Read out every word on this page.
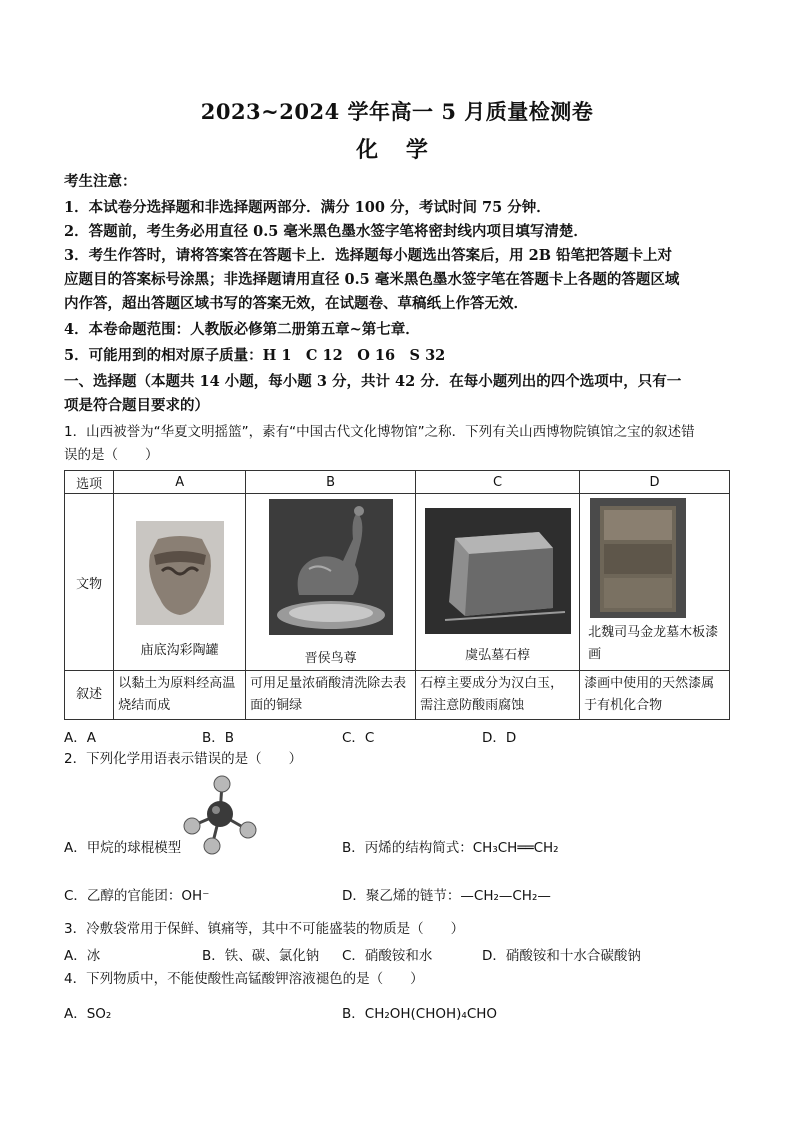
2023~2024 学年高一 5 月质量检测卷
化 学
考生注意：
1．本试卷分选择题和非选择题两部分．满分 100 分，考试时间 75 分钟．
2．答题前，考生务必用直径 0.5 毫米黑色墨水签字笔将密封线内项目填写清楚．
3．考生作答时，请将答案答在答题卡上．选择题每小题选出答案后，用 2B 铅笔把答题卡上对
应题目的答案标号涂黑；非选择题请用直径 0.5 毫米黑色墨水签字笔在答题卡上各题的答题区域
内作答，超出答题区域书写的答案无效，在试题卷、草稿纸上作答无效．
4．本卷命题范围：人教版必修第二册第五章~第七章．
5．可能用到的相对原子质量：H 1　C 12　O 16　S 32
一、选择题（本题共 14 小题，每小题 3 分，共计 42 分．在每小题列出的四个选项中，只有一
项是符合题目要求的）
1．山西被誉为“华夏文明摇篮”，素有“中国古代文化博物馆”之称．下列有关山西博物院镇馆之宝的叙述错
误的是（　　）
选项	A	B	C	D
文物	庙底沟彩陶罐	晋侯鸟尊	虞弘墓石椁	北魏司马金龙墓木板漆画

叙述	以黏土为原料经高温烧结而成	可用足量浓硝酸清洗除去表面的铜绿	石椁主要成分为汉白玉，需注意防酸雨腐蚀	漆画中使用的天然漆属于有机化合物
A．A	B．B	C．C	D．D
2．下列化学用语表示错误的是（　　）
A．甲烷的球棍模型	B．丙烯的结构简式：CH₃CH══CH₂
C．乙醇的官能团：OH⁻	D．聚乙烯的链节：—CH₂—CH₂—
3．冷敷袋常用于保鲜、镇痛等，其中不可能盛装的物质是（　　）
A．冰	B．铁、碳、氯化钠 C．硝酸铵和水	D．硝酸铵和十水合碳酸钠
4．下列物质中，不能使酸性高锰酸钾溶液褪色的是（　　）
A．SO₂	B．CH₂OH(CHOH)₄CHO
